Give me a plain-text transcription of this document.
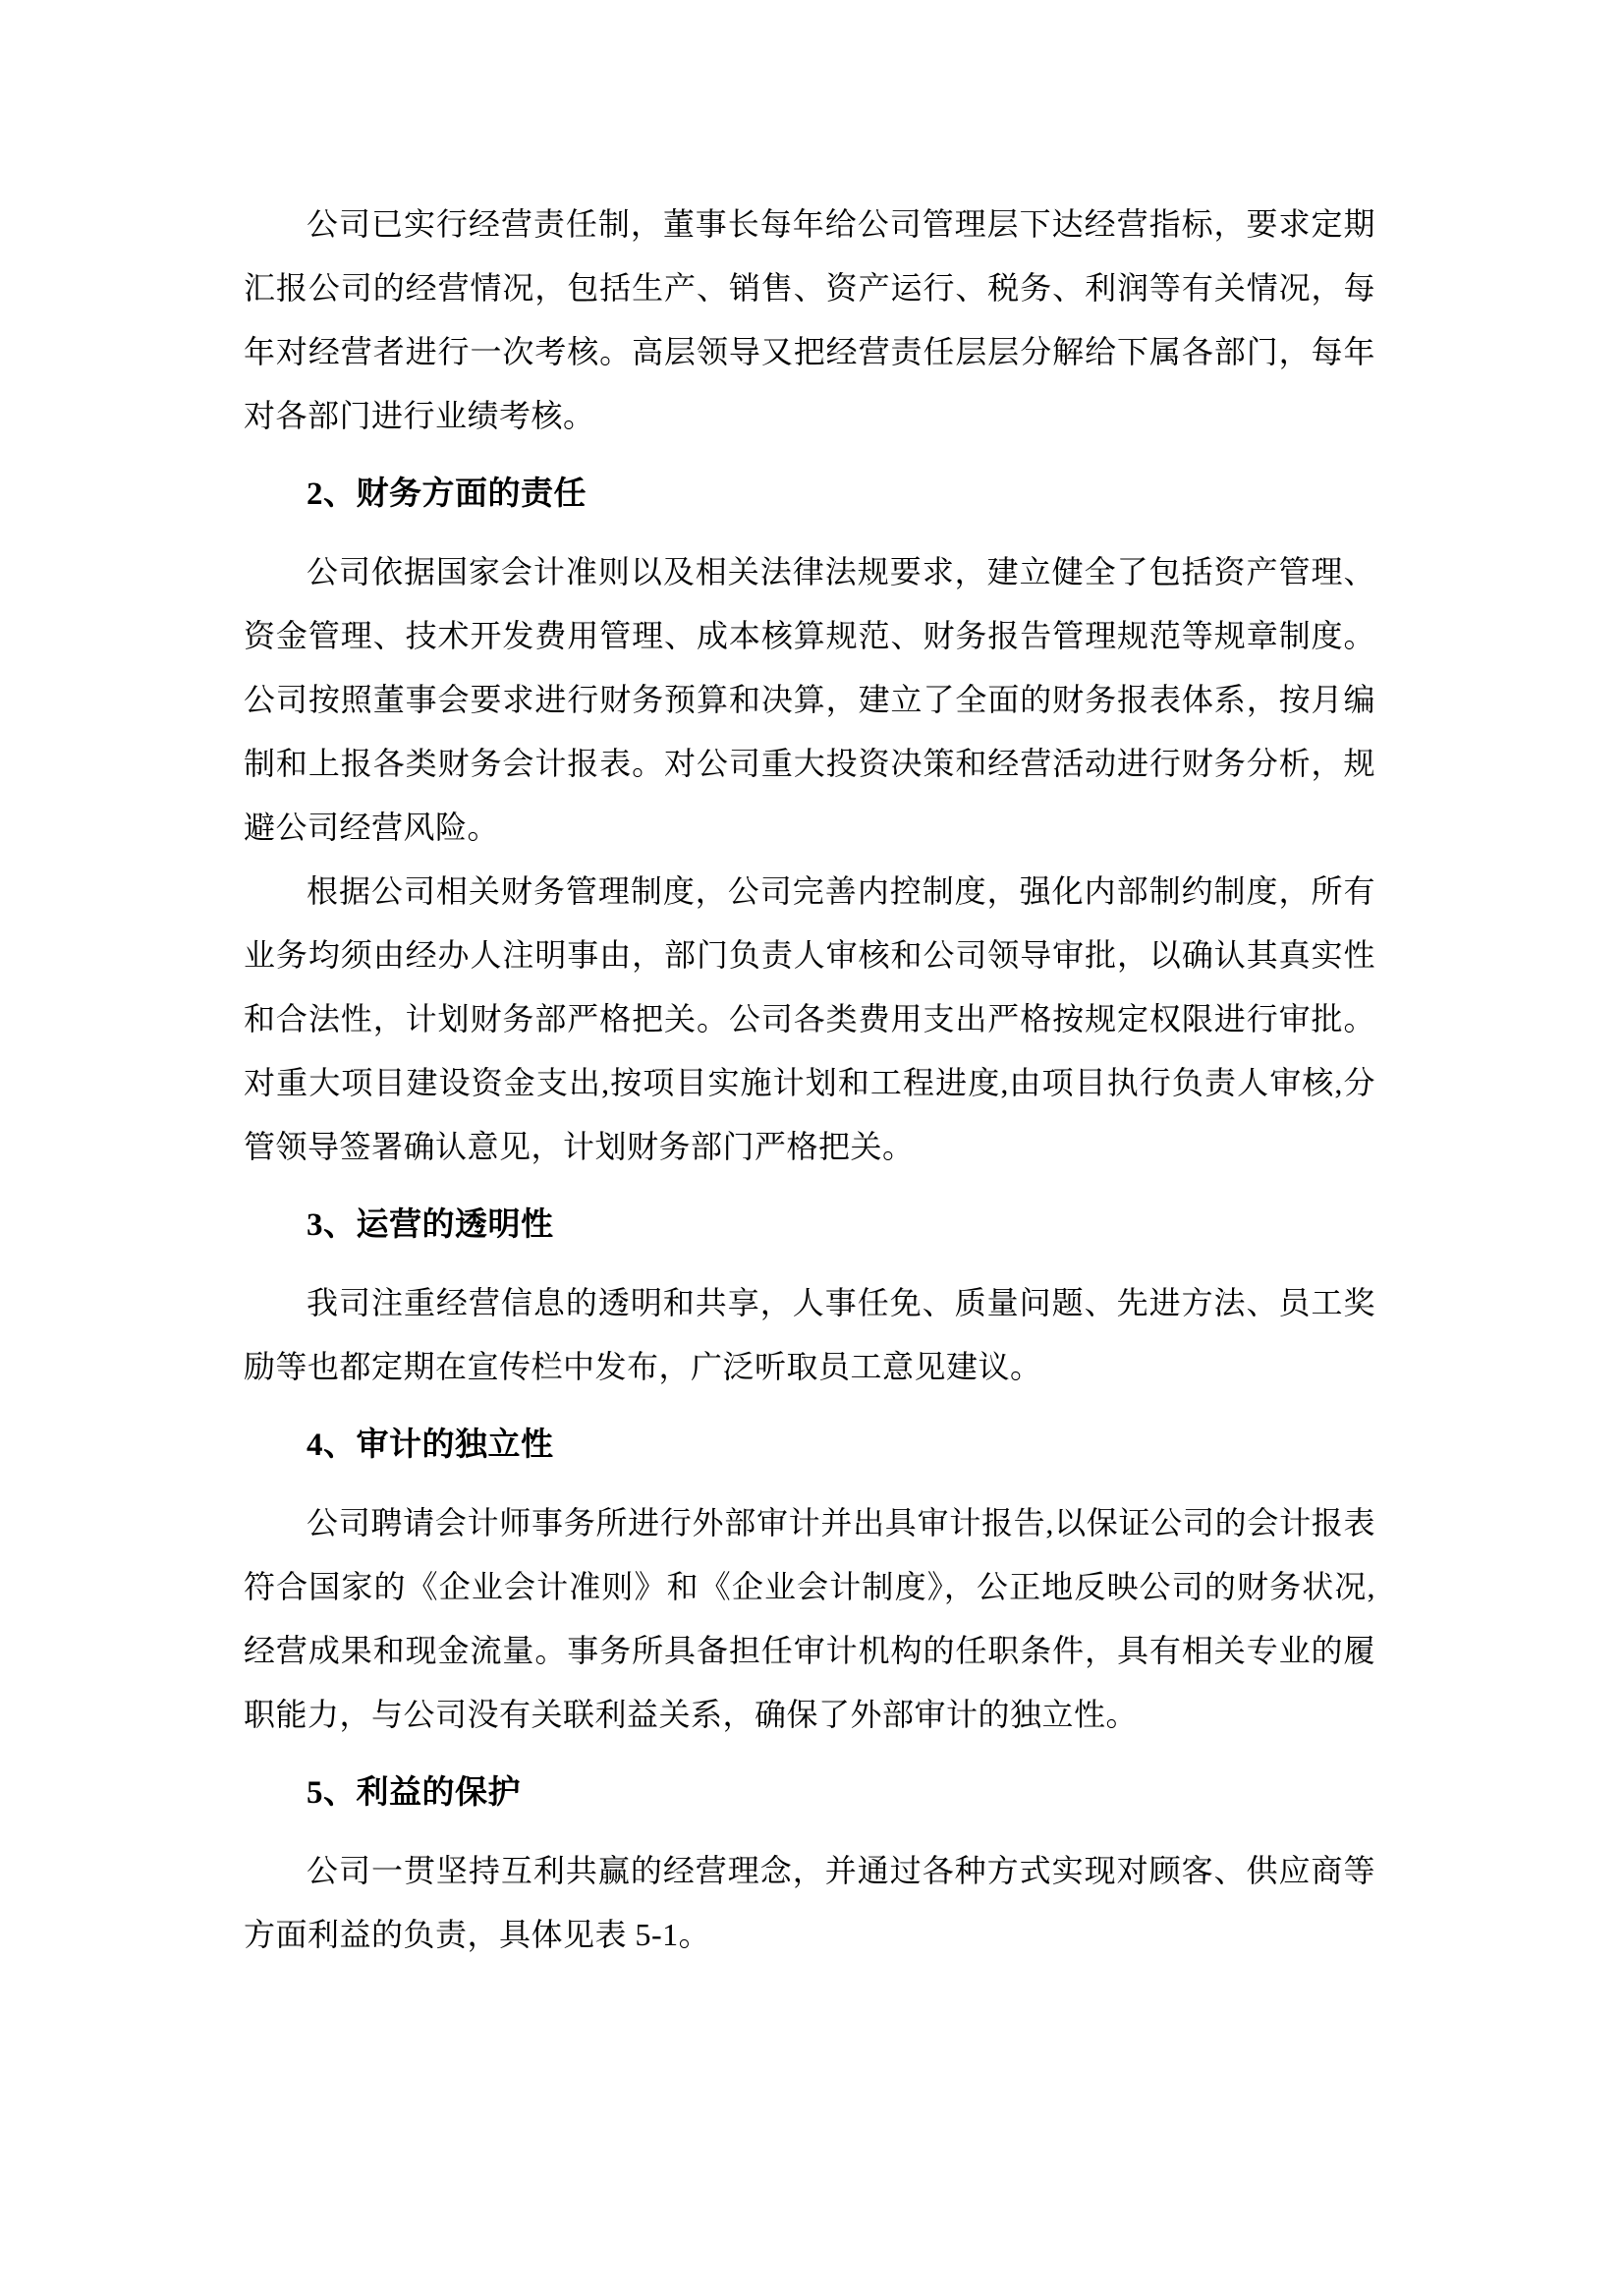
公司已实行经营责任制，董事长每年给公司管理层下达经营指标，要求定期汇报公司的经营情况，包括生产、销售、资产运行、税务、利润等有关情况，每年对经营者进行一次考核。高层领导又把经营责任层层分解给下属各部门，每年对各部门进行业绩考核。

2、财务方面的责任

公司依据国家会计准则以及相关法律法规要求，建立健全了包括资产管理、资金管理、技术开发费用管理、成本核算规范、财务报告管理规范等规章制度。公司按照董事会要求进行财务预算和决算，建立了全面的财务报表体系，按月编制和上报各类财务会计报表。对公司重大投资决策和经营活动进行财务分析，规避公司经营风险。

根据公司相关财务管理制度，公司完善内控制度，强化内部制约制度，所有业务均须由经办人注明事由，部门负责人审核和公司领导审批，以确认其真实性和合法性，计划财务部严格把关。公司各类费用支出严格按规定权限进行审批。对重大项目建设资金支出,按项目实施计划和工程进度,由项目执行负责人审核,分管领导签署确认意见，计划财务部门严格把关。

3、运营的透明性

我司注重经营信息的透明和共享，人事任免、质量问题、先进方法、员工奖励等也都定期在宣传栏中发布，广泛听取员工意见建议。

4、审计的独立性

公司聘请会计师事务所进行外部审计并出具审计报告,以保证公司的会计报表符合国家的《企业会计准则》和《企业会计制度》，公正地反映公司的财务状况,经营成果和现金流量。事务所具备担任审计机构的任职条件，具有相关专业的履职能力，与公司没有关联利益关系，确保了外部审计的独立性。

5、利益的保护

公司一贯坚持互利共赢的经营理念，并通过各种方式实现对顾客、供应商等方面利益的负责，具体见表 5-1。
